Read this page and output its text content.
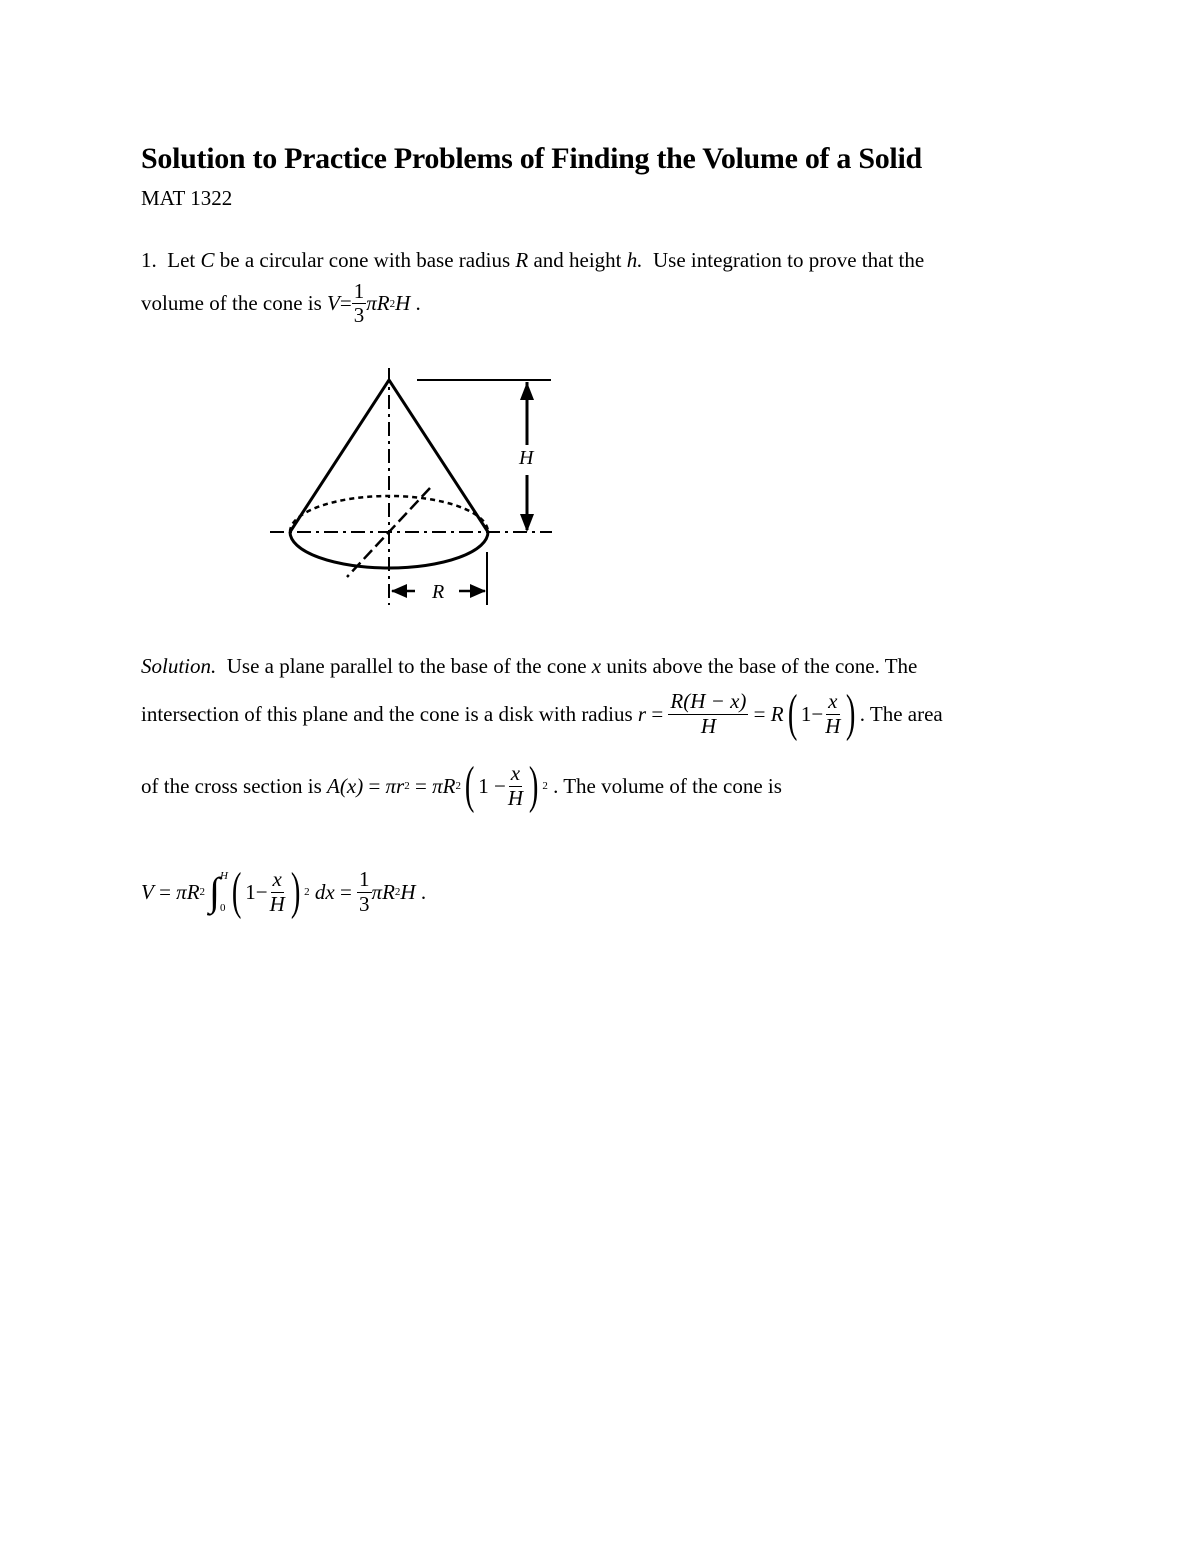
Solution to Practice Problems of Finding the Volume of a Solid
MAT 1322
1. Let C be a circular cone with base radius R and height h. Use integration to prove that the
volume of the cone is
$V = \frac{1}{3}$ πR 2 H
.
H
R
Solution. Use a plane parallel to the base of the cone x units above the base of the cone. The
intersection of this plane and the cone is a disk with radius
$r = \frac{R(H - x)}{H} = R$ ( $1- \frac{x}{H}$ ) . The area
of the cross section is
A(x) = πr 2 = πR 2 ( $1 - \frac{x}{H}$ ) 2
. The volume of the cone is
V = πR 2 ∫ H
0 ( $1- \frac{x}{H}$ ) 2
dx = $\frac{1}{3}$ πR 2 H
.
